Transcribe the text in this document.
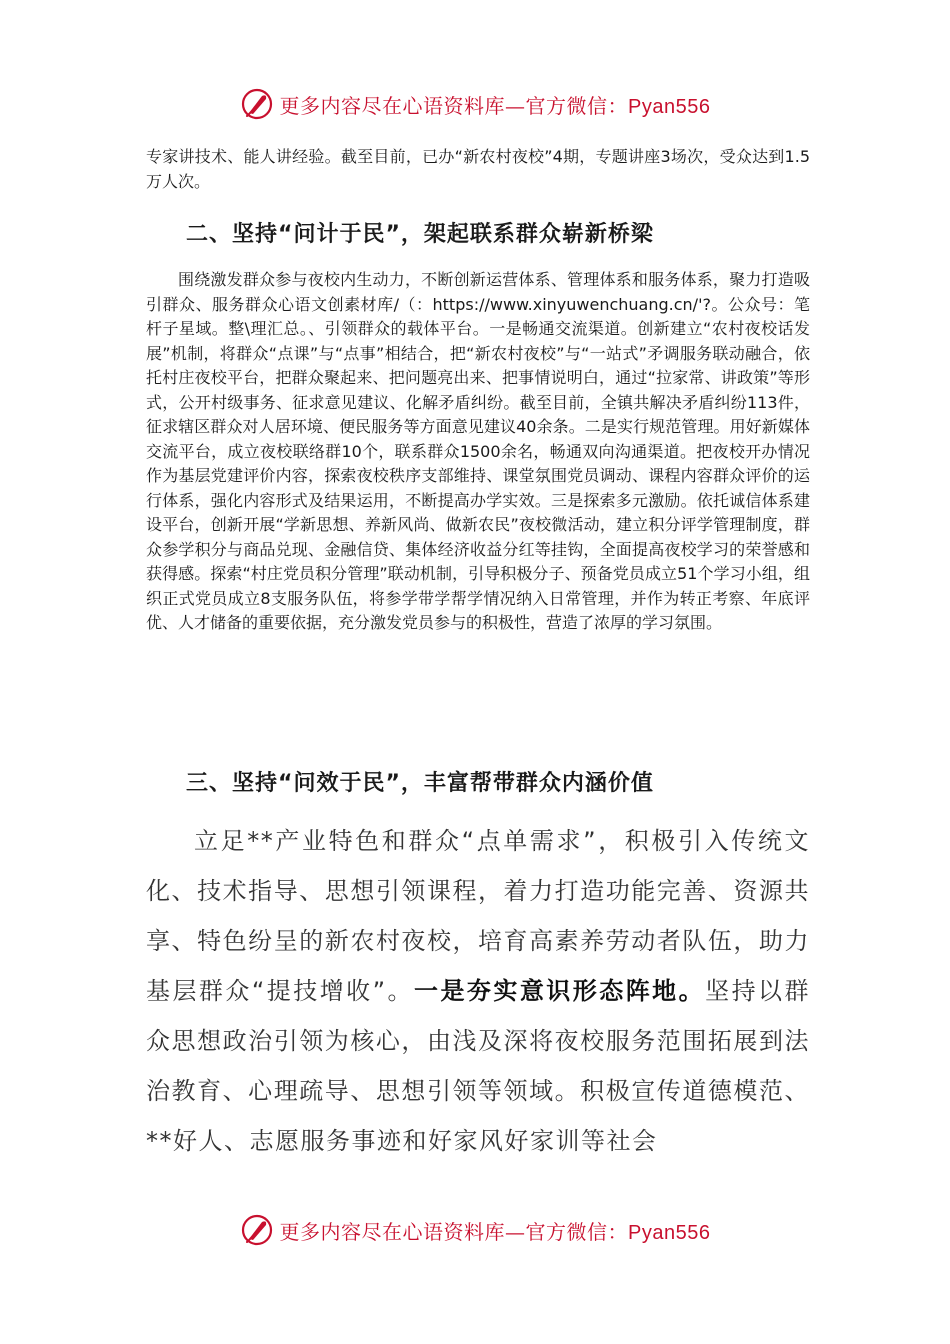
更多内容尽在心语资料库—官方微信：Pyan556

专家讲技术、能人讲经验。截至目前，已办“新农村夜校”4期，专题讲座3场次，受众达到1.5万人次。

二、坚持“问计于民”，架起联系群众崭新桥梁

围绕激发群众参与夜校内生动力，不断创新运营体系、管理体系和服务体系，聚力打造吸引群众、服务群众心语文创素材库/（：https://www.xinyuwenchuang.cn/'?。公众号：笔杆子星域。整\理汇总。、引领群众的载体平台。一是畅通交流渠道。创新建立“农村夜校话发展”机制，将群众“点课”与“点事”相结合，把“新农村夜校”与“一站式”矛调服务联动融合，依托村庄夜校平台，把群众聚起来、把问题亮出来、把事情说明白，通过“拉家常、讲政策”等形式，公开村级事务、征求意见建议、化解矛盾纠纷。截至目前，全镇共解决矛盾纠纷113件，征求辖区群众对人居环境、便民服务等方面意见建议40余条。二是实行规范管理。用好新媒体交流平台，成立夜校联络群10个，联系群众1500余名，畅通双向沟通渠道。把夜校开办情况作为基层党建评价内容，探索夜校秩序支部维持、课堂氛围党员调动、课程内容群众评价的运行体系，强化内容形式及结果运用，不断提高办学实效。三是探索多元激励。依托诚信体系建设平台，创新开展“学新思想、养新风尚、做新农民”夜校微活动，建立积分评学管理制度，群众参学积分与商品兑现、金融信贷、集体经济收益分红等挂钩，全面提高夜校学习的荣誉感和获得感。探索“村庄党员积分管理”联动机制，引导积极分子、预备党员成立51个学习小组，组织正式党员成立8支服务队伍，将参学带学帮学情况纳入日常管理，并作为转正考察、年底评优、人才储备的重要依据，充分激发党员参与的积极性，营造了浓厚的学习氛围。

三、坚持“问效于民”，丰富帮带群众内涵价值

立足**产业特色和群众“点单需求”，积极引入传统文化、技术指导、思想引领课程，着力打造功能完善、资源共享、特色纷呈的新农村夜校，培育高素养劳动者队伍，助力基层群众“提技增收”。一是夯实意识形态阵地。坚持以群众思想政治引领为核心，由浅及深将夜校服务范围拓展到法治教育、心理疏导、思想引领等领域。积极宣传道德模范、**好人、志愿服务事迹和好家风好家训等社会

更多内容尽在心语资料库—官方微信：Pyan556
